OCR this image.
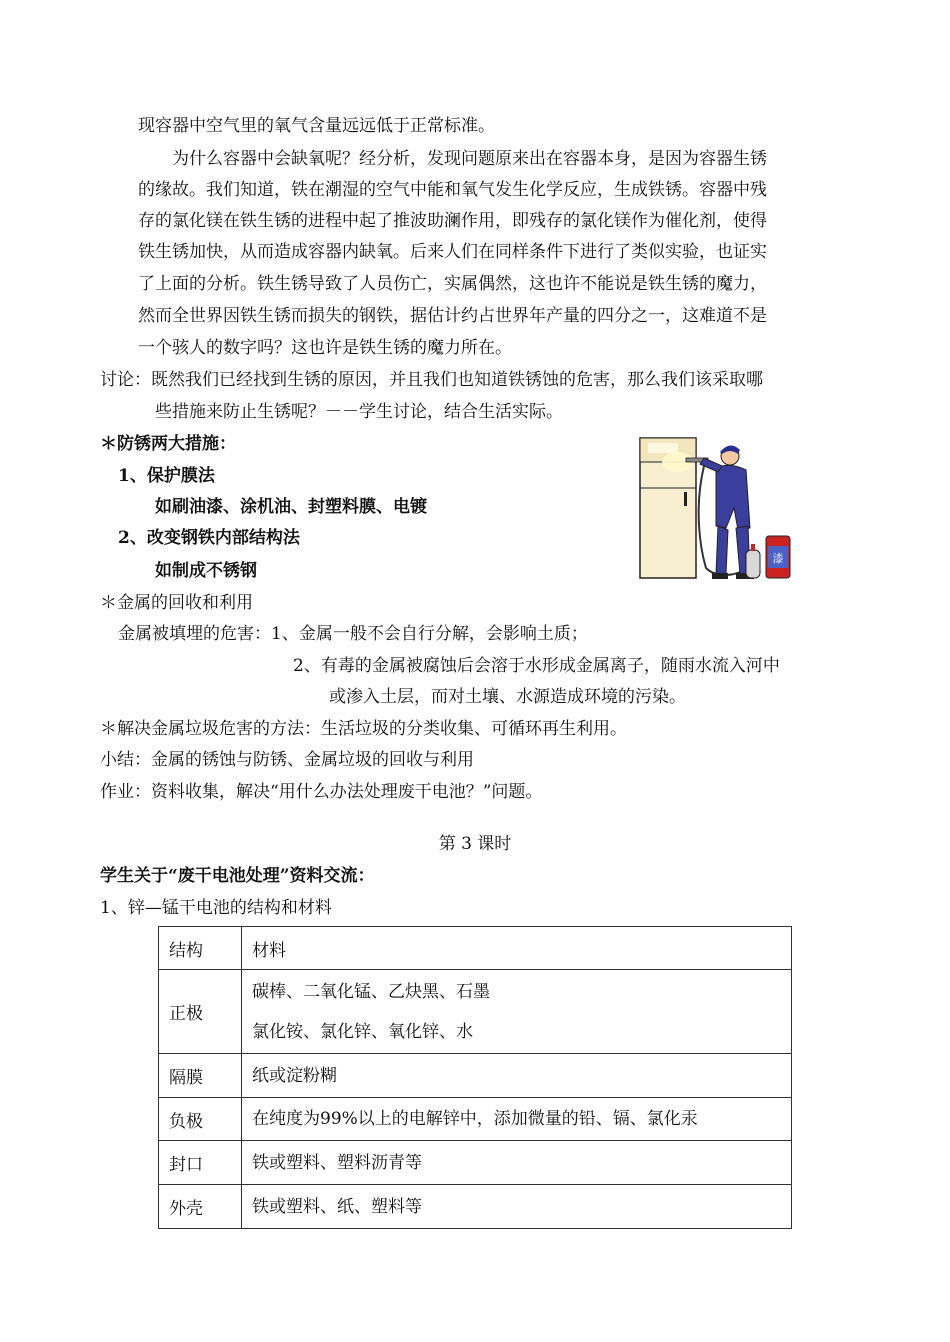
现容器中空气里的氧气含量远远低于正常标准。
为什么容器中会缺氧呢？经分析，发现问题原来出在容器本身，是因为容器生锈
的缘故。我们知道，铁在潮湿的空气中能和氧气发生化学反应，生成铁锈。容器中残
存的氯化镁在铁生锈的进程中起了推波助澜作用，即残存的氯化镁作为催化剂，使得
铁生锈加快，从而造成容器内缺氧。后来人们在同样条件下进行了类似实验，也证实
了上面的分析。铁生锈导致了人员伤亡，实属偶然，这也许不能说是铁生锈的魔力，
然而全世界因铁生锈而损失的钢铁，据估计约占世界年产量的四分之一，这难道不是
一个骇人的数字吗？这也许是铁生锈的魔力所在。
讨论：既然我们已经找到生锈的原因，并且我们也知道铁锈蚀的危害，那么我们该采取哪
些措施来防止生锈呢？－－学生讨论，结合生活实际。
＊防锈两大措施：
1、保护膜法
如刷油漆、涂机油、封塑料膜、电镀
2、改变钢铁内部结构法
如制成不锈钢
漆
＊金属的回收和利用
金属被填埋的危害：1、金属一般不会自行分解，会影响土质；
2、有毒的金属被腐蚀后会溶于水形成金属离子，随雨水流入河中
或渗入土层，而对土壤、水源造成环境的污染。
＊解决金属垃圾危害的方法：生活垃圾的分类收集、可循环再生利用。
小结：金属的锈蚀与防锈、金属垃圾的回收与利用
作业：资料收集，解决“用什么办法处理废干电池？”问题。
第 3 课时
学生关于“废干电池处理”资料交流：
1、锌—锰干电池的结构和材料
结构	材料
正极	碳棒、二氧化锰、乙炔黑、石墨
氯化铵、氯化锌、氧化锌、水

隔膜	纸或淀粉糊

负极	在纯度为99%以上的电解锌中，添加微量的铅、镉、氯化汞

封口	铁或塑料、塑料沥青等

外壳	铁或塑料、纸、塑料等
